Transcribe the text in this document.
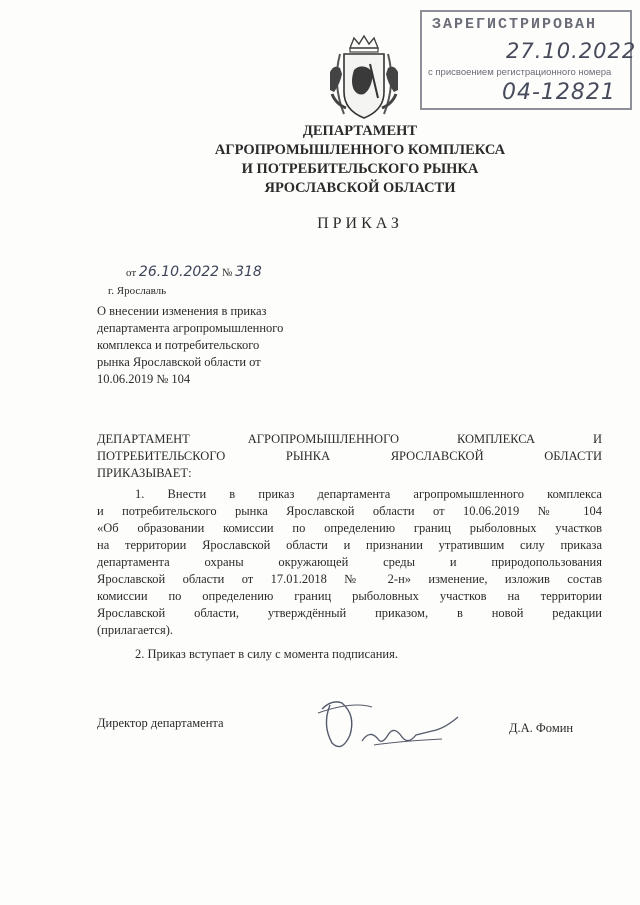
ЗАРЕГИСТРИРОВАН
27.10.2022
с присвоением регистрационного номера
04-12821
ДЕПАРТАМЕНТ
АГРОПРОМЫШЛЕННОГО КОМПЛЕКСА
И ПОТРЕБИТЕЛЬСКОГО РЫНКА
ЯРОСЛАВСКОЙ ОБЛАСТИ
ПРИКАЗ
от 26.10.2022 № 318
г. Ярославль
О внесении изменения в приказ
департамента агропромышленного
комплекса и потребительского
рынка Ярославской области от
10.06.2019 № 104
ДЕПАРТАМЕНТ АГРОПРОМЫШЛЕННОГО КОМПЛЕКСА И
ПОТРЕБИТЕЛЬСКОГО РЫНКА ЯРОСЛАВСКОЙ ОБЛАСТИ
ПРИКАЗЫВАЕТ:
1. Внести в приказ департамента агропромышленного комплекса
и потребительского рынка Ярославской области от 10.06.2019 № 104
«Об образовании комиссии по определению границ рыболовных участков
на территории Ярославской области и признании утратившим силу приказа
департамента охраны окружающей среды и природопользования
Ярославской области от 17.01.2018 № 2-н» изменение, изложив состав
комиссии по определению границ рыболовных участков на территории
Ярославской области, утверждённый приказом, в новой редакции
(прилагается).
2. Приказ вступает в силу с момента подписания.
Директор департамента	Д.А. Фомин
